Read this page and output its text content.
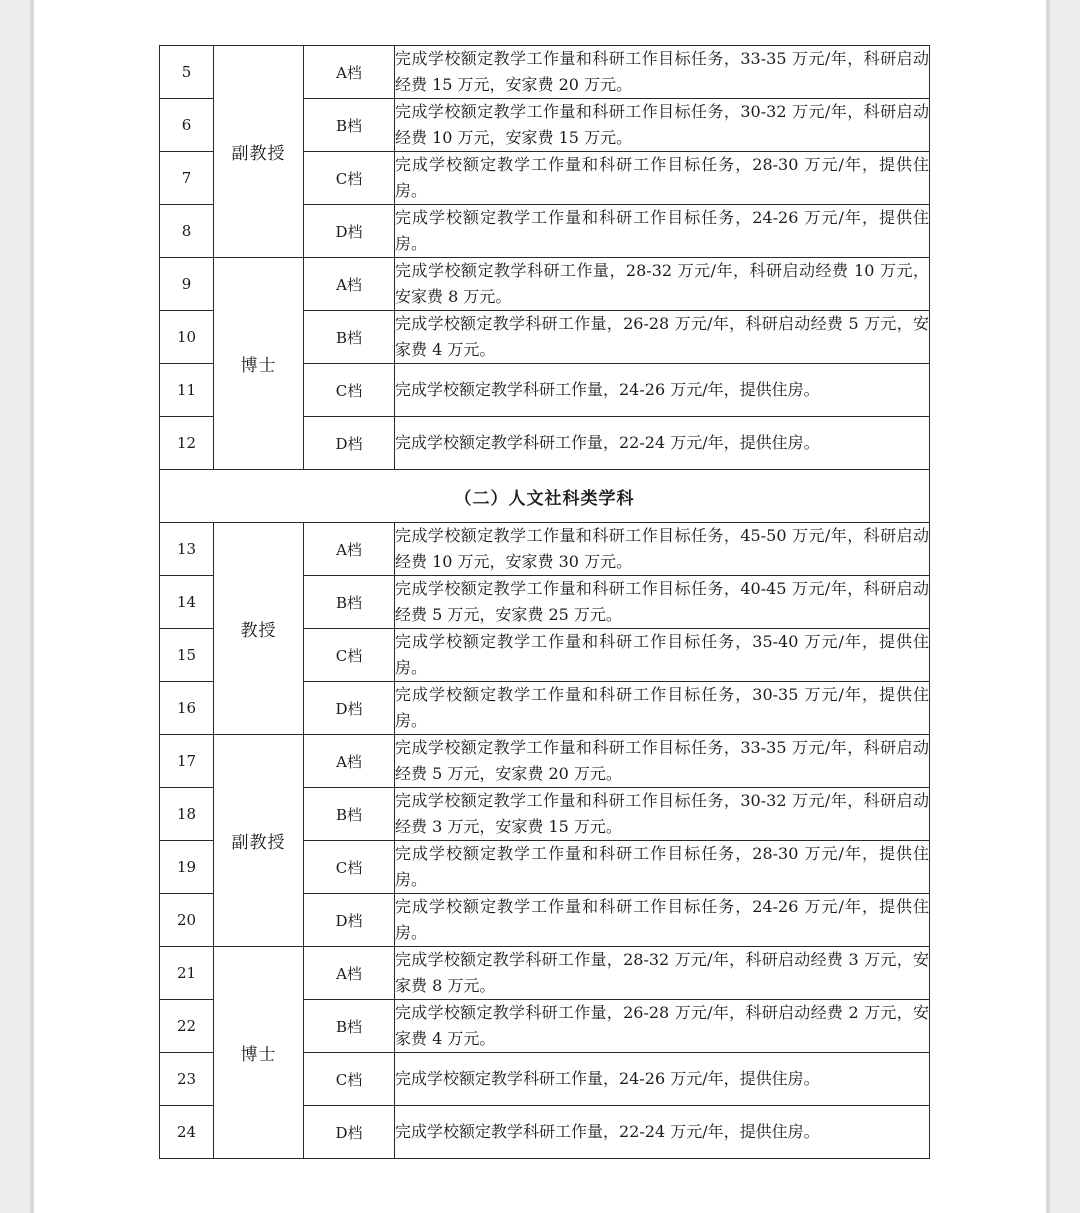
5	副教授	A档	完成学校额定教学工作量和科研工作目标任务，33-35 万元/年，科研启动经费 15 万元，安家费 20 万元。
6		B档	完成学校额定教学工作量和科研工作目标任务，30-32 万元/年，科研启动经费 10 万元，安家费 15 万元。
7		C档	完成学校额定教学工作量和科研工作目标任务，28-30 万元/年，提供住房。
8		D档	完成学校额定教学工作量和科研工作目标任务，24-26 万元/年，提供住房。
9	博士	A档	完成学校额定教学科研工作量，28-32 万元/年，科研启动经费 10 万元，安家费 8 万元。
10		B档	完成学校额定教学科研工作量，26-28 万元/年，科研启动经费 5 万元，安家费 4 万元。
11		C档	完成学校额定教学科研工作量，24-26 万元/年，提供住房。
12		D档	完成学校额定教学科研工作量，22-24 万元/年，提供住房。
（二）人文社科类学科			
13	教授	A档	完成学校额定教学工作量和科研工作目标任务，45-50 万元/年，科研启动经费 10 万元，安家费 30 万元。
14		B档	完成学校额定教学工作量和科研工作目标任务，40-45 万元/年，科研启动经费 5 万元，安家费 25 万元。
15		C档	完成学校额定教学工作量和科研工作目标任务，35-40 万元/年，提供住房。
16		D档	完成学校额定教学工作量和科研工作目标任务，30-35 万元/年，提供住房。
17	副教授	A档	完成学校额定教学工作量和科研工作目标任务，33-35 万元/年，科研启动经费 5 万元，安家费 20 万元。
18		B档	完成学校额定教学工作量和科研工作目标任务，30-32 万元/年，科研启动经费 3 万元，安家费 15 万元。
19		C档	完成学校额定教学工作量和科研工作目标任务，28-30 万元/年，提供住房。
20		D档	完成学校额定教学工作量和科研工作目标任务，24-26 万元/年，提供住房。
21	博士	A档	完成学校额定教学科研工作量，28-32 万元/年，科研启动经费 3 万元，安家费 8 万元。
22		B档	完成学校额定教学科研工作量，26-28 万元/年，科研启动经费 2 万元，安家费 4 万元。
23		C档	完成学校额定教学科研工作量，24-26 万元/年，提供住房。
24		D档	完成学校额定教学科研工作量，22-24 万元/年，提供住房。
